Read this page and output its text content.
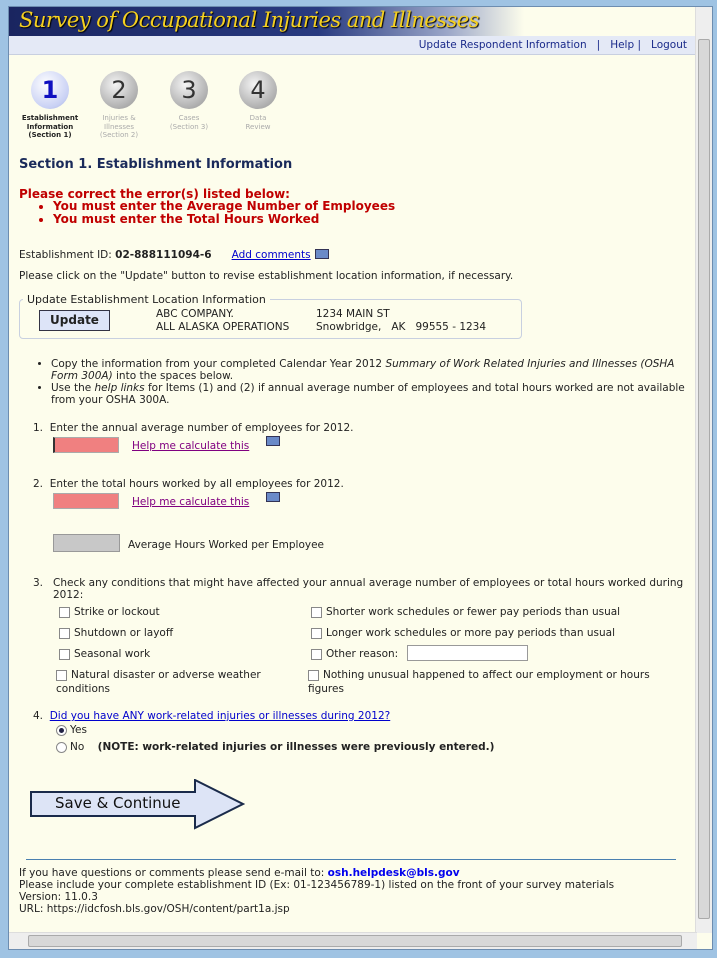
Survey of Occupational Injuries and Illnesses
Update Respondent Information | Help | Logout
1
Establishment
Information
(Section 1)
2
Injuries &
Illnesses
(Section 2)
3
Cases
(Section 3)
4
Data
Review
Section 1. Establishment Information
Please correct the error(s) listed below:
• You must enter the Average Number of Employees
• You must enter the Total Hours Worked
Establishment ID: 02-888111094-6 Add comments
Please click on the "Update" button to revise establishment location information, if necessary.
Update Establishment Location Information
Update	ABC COMPANY.
ALL ALASKA OPERATIONS
1234 MAIN ST
Snowbridge,   AK   99555 - 1234
• Copy the information from your completed Calendar Year 2012 Summary of Work Related Injuries and Illnesses (OSHA Form 300A) into the spaces below.
• Use the help links for Items (1) and (2) if annual average number of employees and total hours worked are not available from your OSHA 300A.
1. Enter the annual average number of employees for 2012.
Help me calculate this
2. Enter the total hours worked by all employees for 2012.
Help me calculate this
Average Hours Worked per Employee
3. Check any conditions that might have affected your annual average number of employees or total hours worked during 2012:
Strike or lockout
Shutdown or layoff
Seasonal work
Natural disaster or adverse weather conditions
Shorter work schedules or fewer pay periods than usual
Longer work schedules or more pay periods than usual
Other reason:
Nothing unusual happened to affect our employment or hours figures
4. Did you have ANY work-related injuries or illnesses during 2012?
Yes
No (NOTE: work-related injuries or illnesses were previously entered.)
Save & Continue
If you have questions or comments please send e-mail to: osh.helpdesk@bls.gov
Please include your complete establishment ID (Ex: 01-123456789-1) listed on the front of your survey materials
Version: 11.0.3
URL: https://idcfosh.bls.gov/OSH/content/part1a.jsp
